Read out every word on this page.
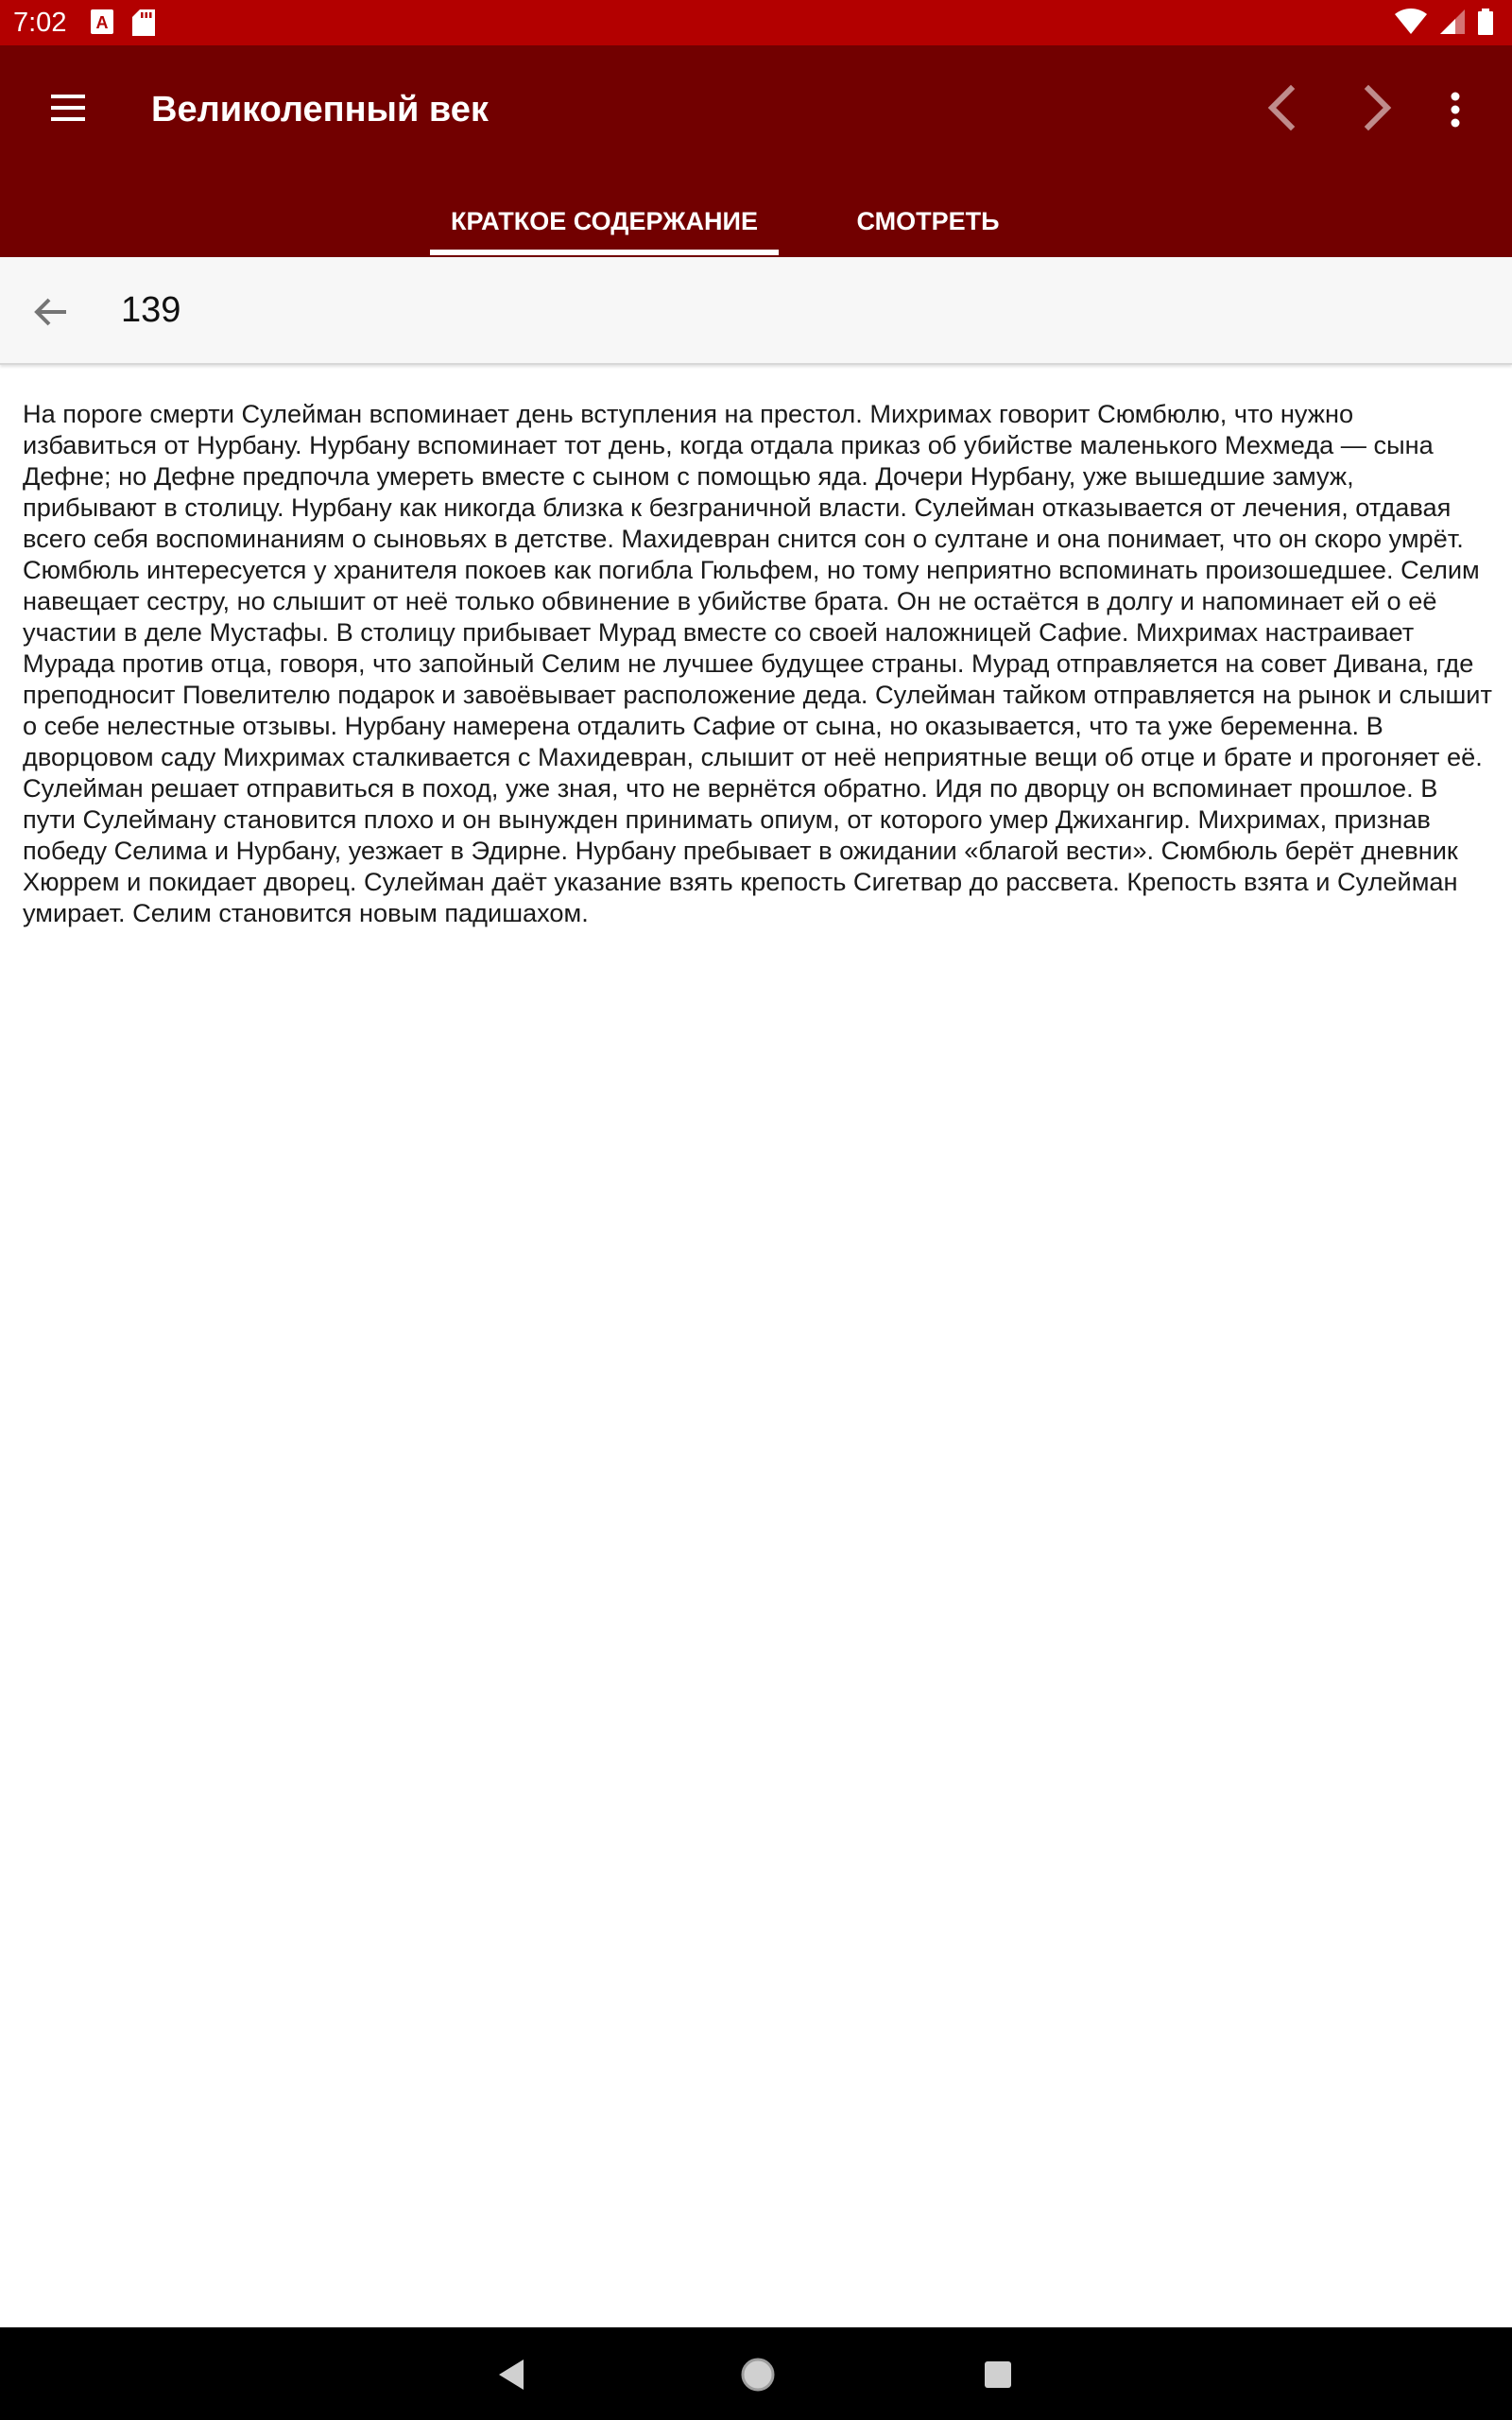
7:02 A
Великолепный век
КРАТКОЕ СОДЕРЖАНИЕ	СМОТРЕТЬ
139
На пороге смерти Сулейман вспоминает день вступления на престол. Михримах говорит Сюмбюлю, что нужно избавиться от Нурбану. Нурбану вспоминает тот день, когда отдала приказ об убийстве маленького Мехмеда — сына Дефне; но Дефне предпочла умереть вместе с сыном с помощью яда. Дочери Нурбану, уже вышедшие замуж, прибывают в столицу. Нурбану как никогда близка к безграничной власти. Сулейман отказывается от лечения, отдавая всего себя воспоминаниям о сыновьях в детстве. Махидевран снится сон о султане и она понимает, что он скоро умрёт. Сюмбюль интересуется у хранителя покоев как погибла Гюльфем, но тому неприятно вспоминать произошедшее. Селим навещает сестру, но слышит от неё только обвинение в убийстве брата. Он не остаётся в долгу и напоминает ей о её участии в деле Мустафы. В столицу прибывает Мурад вместе со своей наложницей Сафие. Михримах настраивает Мурада против отца, говоря, что запойный Селим не лучшее будущее страны. Мурад отправляется на совет Дивана, где преподносит Повелителю подарок и завоёвывает расположение деда. Сулейман тайком отправляется на рынок и слышит о себе нелестные отзывы. Нурбану намерена отдалить Сафие от сына, но оказывается, что та уже беременна. В дворцовом саду Михримах сталкивается с Махидевран, слышит от неё неприятные вещи об отце и брате и прогоняет её. Сулейман решает отправиться в поход, уже зная, что не вернётся обратно. Идя по дворцу он вспоминает прошлое. В пути Сулейману становится плохо и он вынужден принимать опиум, от которого умер Джихангир. Михримах, признав победу Селима и Нурбану, уезжает в Эдирне. Нурбану пребывает в ожидании «благой вести». Сюмбюль берёт дневник Хюррем и покидает дворец. Сулейман даёт указание взять крепость Сигетвар до рассвета. Крепость взята и Сулейман умирает. Селим становится новым падишахом.
